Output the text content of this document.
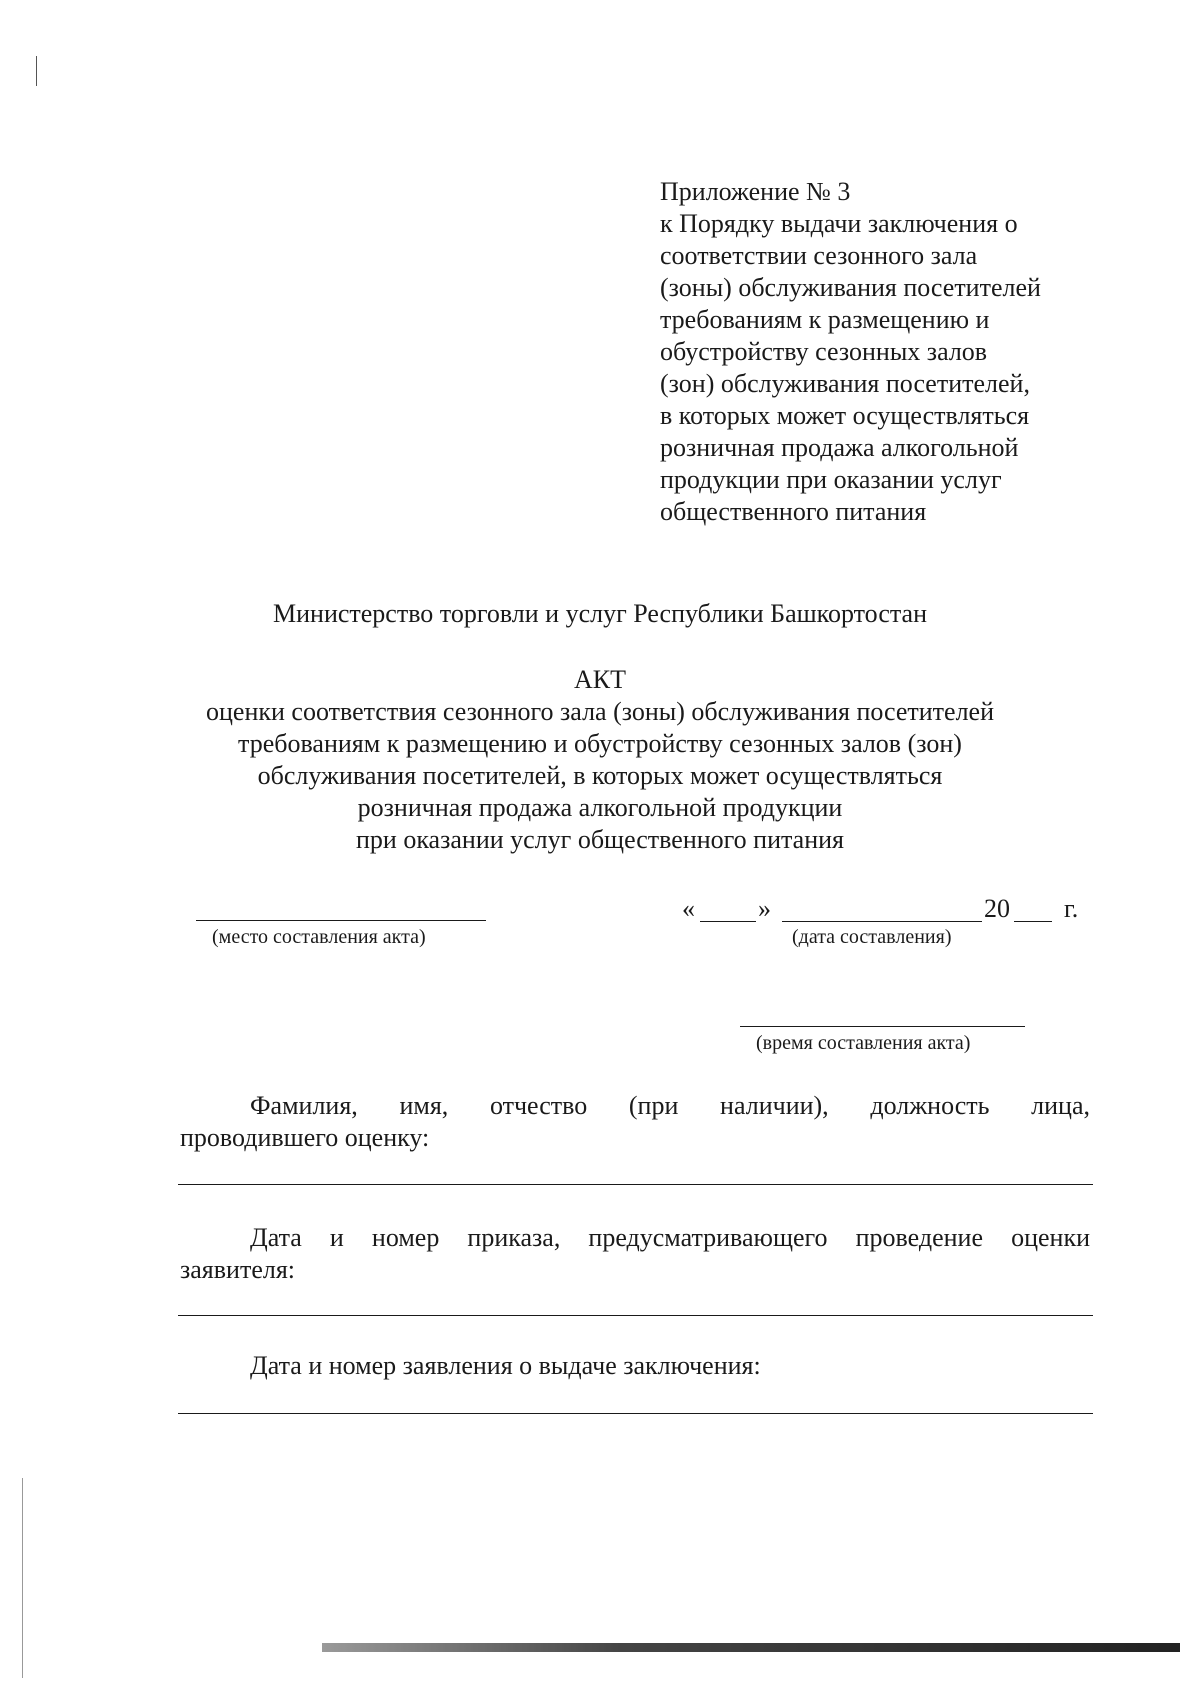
Приложение № 3
к Порядку выдачи заключения о
соответствии сезонного зала
(зоны) обслуживания посетителей
требованиям к размещению и
обустройству сезонных залов
(зон) обслуживания посетителей,
в которых может осуществляться
розничная продажа алкогольной
продукции при оказании услуг
общественного питания
Министерство торговли и услуг Республики Башкортостан
АКТ
оценки соответствия сезонного зала (зоны) обслуживания посетителей
требованиям к размещению и обустройству сезонных залов (зон)
обслуживания посетителей, в которых может осуществляться
розничная продажа алкогольной продукции
при оказании услуг общественного питания
(место составления акта)
« »	20 г.
(дата составления)
(время составления акта)
Фамилия, имя, отчество (при наличии), должность лица,
проводившего оценку:
Дата и номер приказа, предусматривающего проведение оценки
заявителя:
Дата и номер заявления о выдаче заключения:
